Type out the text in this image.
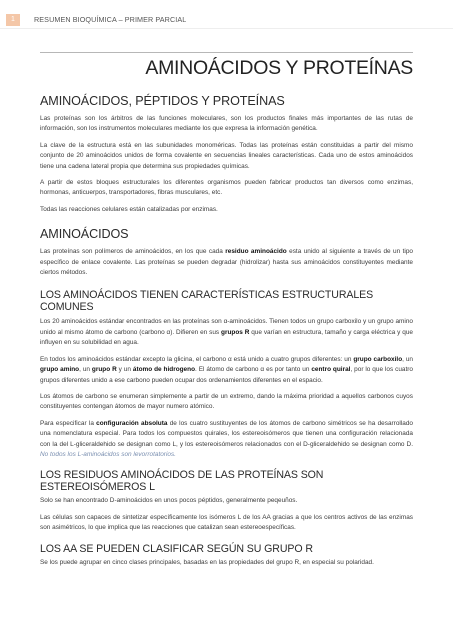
1	RESUMEN BIOQUÍMICA – PRIMER PARCIAL
AMINOÁCIDOS Y PROTEÍNAS
AMINOÁCIDOS, PÉPTIDOS Y PROTEÍNAS

Las proteínas son los árbitros de las funciones moleculares, son los productos finales más importantes de las rutas de información, son los instrumentos moleculares mediante los que expresa la información genética.

La clave de la estructura está en las subunidades monoméricas. Todas las proteínas están constituidas a partir del mismo conjunto de 20 aminoácidos unidos de forma covalente en secuencias lineales características. Cada uno de estos aminoácidos tiene una cadena lateral propia que determina sus propiedades químicas.

A partir de estos bloques estructurales los diferentes organismos pueden fabricar productos tan diversos como enzimas, hormonas, anticuerpos, transportadores, fibras musculares, etc.

Todas las reacciones celulares están catalizadas por enzimas.

AMINOÁCIDOS

Las proteínas son polímeros de aminoácidos, en los que cada residuo aminoácido esta unido al siguiente a través de un tipo específico de enlace covalente. Las proteínas se pueden degradar (hidrolizar) hasta sus aminoácidos constituyentes mediante ciertos métodos.

LOS AMINOÁCIDOS TIENEN CARACTERÍSTICAS ESTRUCTURALES COMUNES

Los 20 aminoácidos estándar encontrados en las proteínas son α-aminoácidos. Tienen todos un grupo carboxilo y un grupo amino unido al mismo átomo de carbono (carbono α). Difieren en sus grupos R que varían en estructura, tamaño y carga eléctrica y que influyen en su solubilidad en agua.

En todos los aminoácidos estándar excepto la glicina, el carbono α está unido a cuatro grupos diferentes: un grupo carboxilo, un grupo amino, un grupo R y un átomo de hidrogeno. El átomo de carbono α es por tanto un centro quiral, por lo que los cuatro grupos diferentes unido a ese carbono pueden ocupar dos ordenamientos diferentes en el espacio.

Los átomos de carbono se enumeran simplemente a partir de un extremo, dando la máxima prioridad a aquellos carbonos cuyos constituyentes contengan átomos de mayor numero atómico.

Para especificar la configuración absoluta de los cuatro sustituyentes de los átomos de carbono simétricos se ha desarrollado una nomenclatura especial. Para todos los compuestos quirales, los estereoisómeros que tienen una configuración relacionada con la del L-gliceraldehido se designan como L, y los estereoisómeros relacionados con el D-gliceraldehido se designan como D. No todos los L-aminoácidos son levorrotatorios.

LOS RESIDUOS AMINOÁCIDOS DE LAS PROTEÍNAS SON ESTEREOISÓMEROS L

Solo se han encontrado D-aminoácidos en unos pocos péptidos, generalmente peqeuños.

Las células son capaces de sintetizar específicamente los isómeros L de los AA gracias a que los centros activos de las enzimas son asimétricos, lo que implica que las reacciones que catalizan sean estereoespecíficas.

LOS AA SE PUEDEN CLASIFICAR SEGÚN SU GRUPO R

Se los puede agrupar en cinco clases principales, basadas en las propiedades del grupo R, en especial su polaridad.
